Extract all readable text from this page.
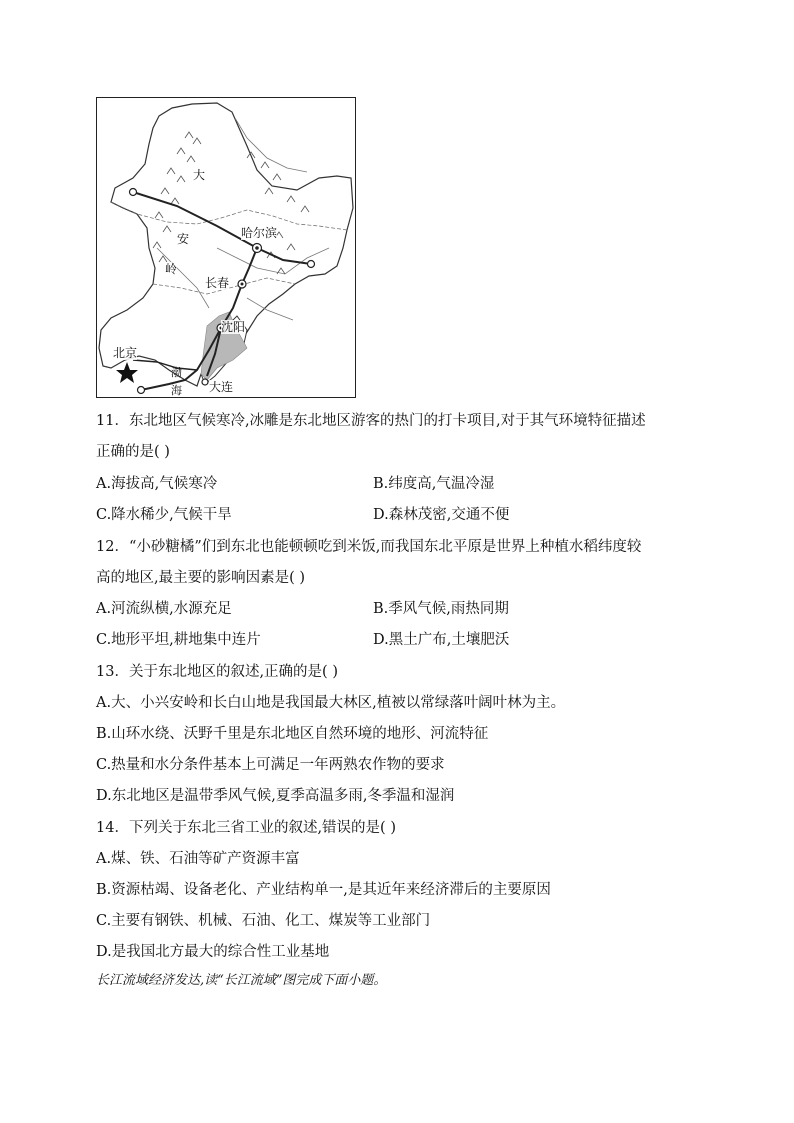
大
安
岭
哈尔滨
长春
沈阳
北京
渤
海 大连
11．东北地区气候寒冷,冰雕是东北地区游客的热门的打卡项目,对于其气环境特征描述
正确的是( )
A.海拔高,气候寒冷	B.纬度高,气温冷湿
C.降水稀少,气候干旱	D.森林茂密,交通不便
12．“小砂糖橘”们到东北也能顿顿吃到米饭,而我国东北平原是世界上种植水稻纬度较
高的地区,最主要的影响因素是( )
A.河流纵横,水源充足	B.季风气候,雨热同期
C.地形平坦,耕地集中连片	D.黑土广布,土壤肥沃
13．关于东北地区的叙述,正确的是( )
A.大、小兴安岭和长白山地是我国最大林区,植被以常绿落叶阔叶林为主。
B.山环水绕、沃野千里是东北地区自然环境的地形、河流特征
C.热量和水分条件基本上可满足一年两熟农作物的要求
D.东北地区是温带季风气候,夏季高温多雨,冬季温和湿润
14．下列关于东北三省工业的叙述,错误的是( )
A.煤、铁、石油等矿产资源丰富
B.资源枯竭、设备老化、产业结构单一,是其近年来经济滞后的主要原因
C.主要有钢铁、机械、石油、化工、煤炭等工业部门
D.是我国北方最大的综合性工业基地
长江流域经济发达,读“长江流域”图完成下面小题。
